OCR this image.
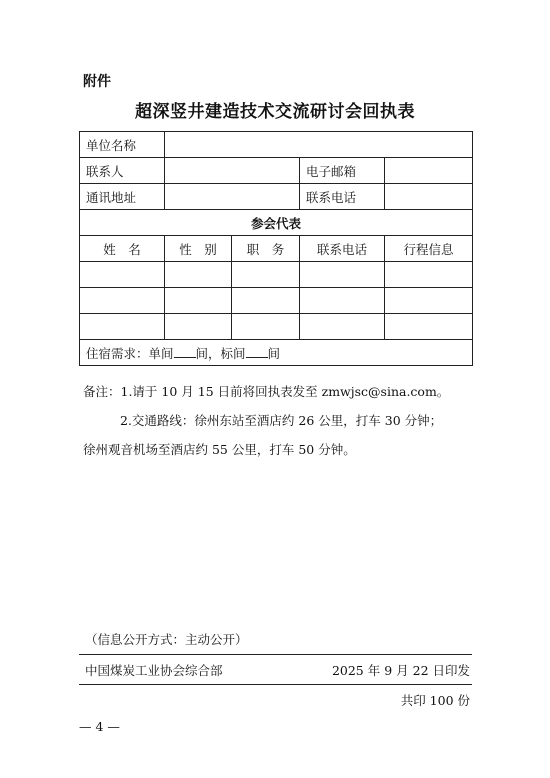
附件
超深竖井建造技术交流研讨会回执表
单位名称				
联系人			电子邮箱	
通讯地址			联系电话	
参会代表				
姓　名	性　别	职　务	联系电话	行程信息

住宿需求：单间 间，标间 间				
备注：1.请于 10 月 15 日前将回执表发至 zmwjsc@sina.com。
2.交通路线：徐州东站至酒店约 26 公里，打车 30 分钟；
徐州观音机场至酒店约 55 公里，打车 50 分钟。
（信息公开方式：主动公开）
中国煤炭工业协会综合部	2025 年 9 月 22 日印发
共印 100 份
— 4 —
